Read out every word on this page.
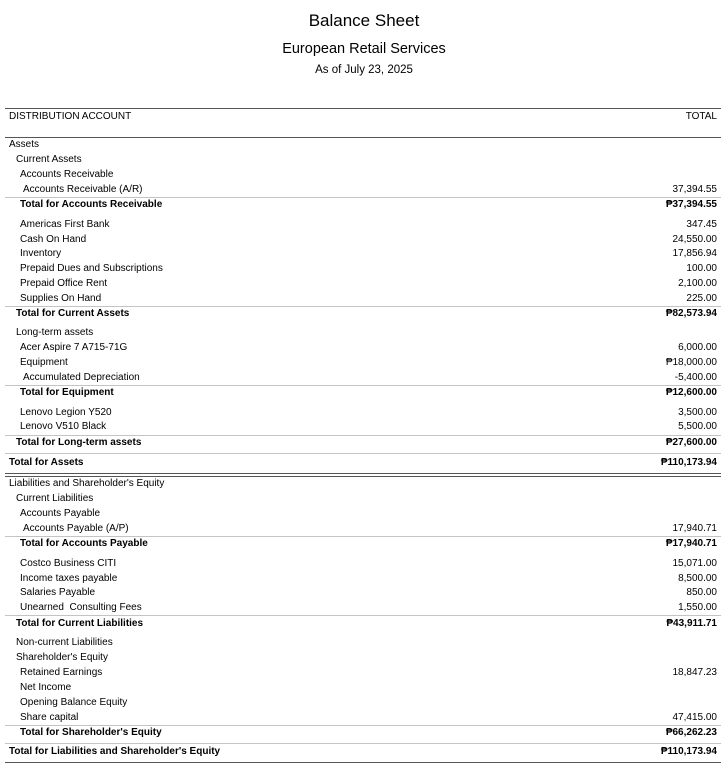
Balance Sheet
European Retail Services
As of July 23, 2025
DISTRIBUTION ACCOUNT	TOTAL
Assets
Current Assets
Accounts Receivable
Accounts Receivable (A/R)	37,394.55
Total for Accounts Receivable	₱37,394.55
Americas First Bank	347.45
Cash On Hand	24,550.00
Inventory	17,856.94
Prepaid Dues and Subscriptions	100.00
Prepaid Office Rent	2,100.00
Supplies On Hand	225.00
Total for Current Assets	₱82,573.94
Long-term assets
Acer Aspire 7 A715-71G	6,000.00
Equipment	₱18,000.00
Accumulated Depreciation	-5,400.00
Total for Equipment	₱12,600.00
Lenovo Legion Y520	3,500.00
Lenovo V510 Black	5,500.00
Total for Long-term assets	₱27,600.00
Total for Assets	₱110,173.94
Liabilities and Shareholder's Equity
Current Liabilities
Accounts Payable
Accounts Payable (A/P)	17,940.71
Total for Accounts Payable	₱17,940.71
Costco Business CITI	15,071.00
Income taxes payable	8,500.00
Salaries Payable	850.00
Unearned  Consulting Fees	1,550.00
Total for Current Liabilities	₱43,911.71
Non-current Liabilities
Shareholder's Equity
Retained Earnings	18,847.23
Net Income
Opening Balance Equity
Share capital	47,415.00
Total for Shareholder's Equity	₱66,262.23
Total for Liabilities and Shareholder's Equity	₱110,173.94
